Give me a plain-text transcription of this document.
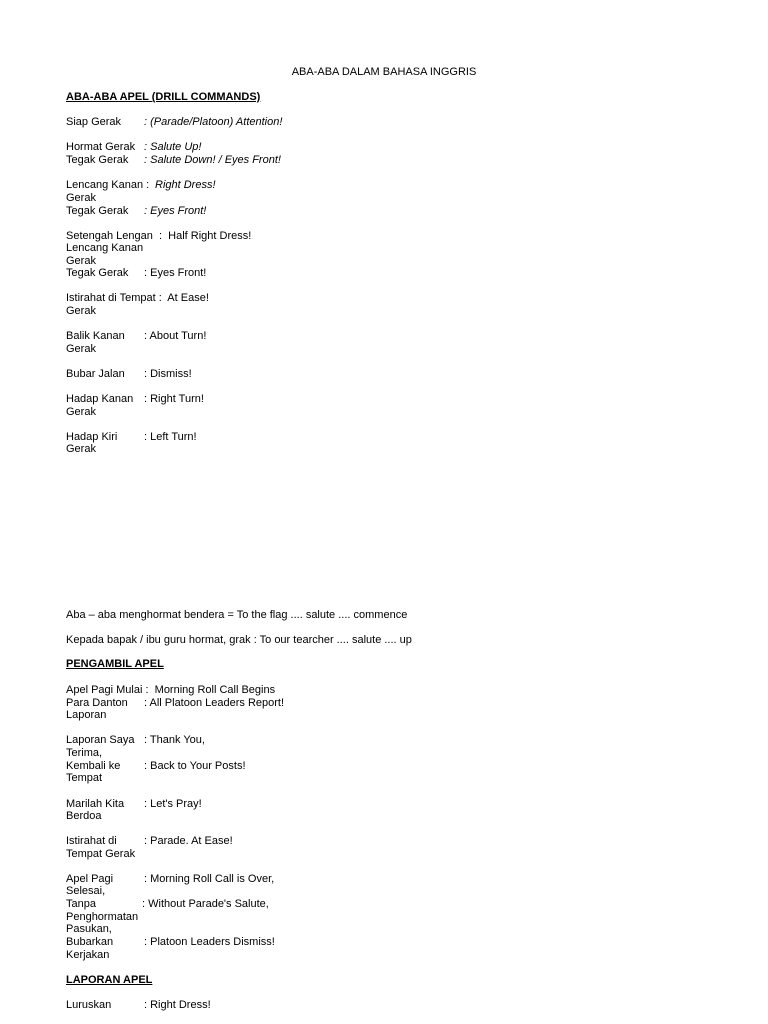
ABA-ABA DALAM BAHASA INGGRIS
ABA-ABA APEL (DRILL COMMANDS)
Siap Gerak : (Parade/Platoon) Attention!
Hormat Gerak : Salute Up!
Tegak Gerak : Salute Down! / Eyes Front!
Lencang Kanan : Right Dress!
Gerak
Tegak Gerak : Eyes Front!
Setengah Lengan  :  Half Right Dress!
Lencang Kanan
Gerak
Tegak Gerak : Eyes Front!
Istirahat di Tempat :  At Ease!
Gerak
Balik Kanan : About Turn!
Gerak
Bubar Jalan : Dismiss!
Hadap Kanan : Right Turn!
Gerak
Hadap Kiri : Left Turn!
Gerak
Aba – aba menghormat bendera = To the flag .... salute .... commence
Kepada bapak / ibu guru hormat, grak : To our tearcher .... salute .... up
PENGAMBIL APEL
Apel Pagi Mulai :  Morning Roll Call Begins
Para Danton : All Platoon Leaders Report!
Laporan
Laporan Saya : Thank You,
Terima,
Kembali ke : Back to Your Posts!
Tempat
Marilah Kita : Let's Pray!
Berdoa
Istirahat di : Parade. At Ease!
Tempat Gerak
Apel Pagi	: Morning Roll Call is Over,
Selesai,
Tanpa	: Without Parade's Salute,
Penghormatan
Pasukan,
Bubarkan	: Platoon Leaders Dismiss!
Kerjakan
LAPORAN APEL
Luruskan	: Right Dress!
